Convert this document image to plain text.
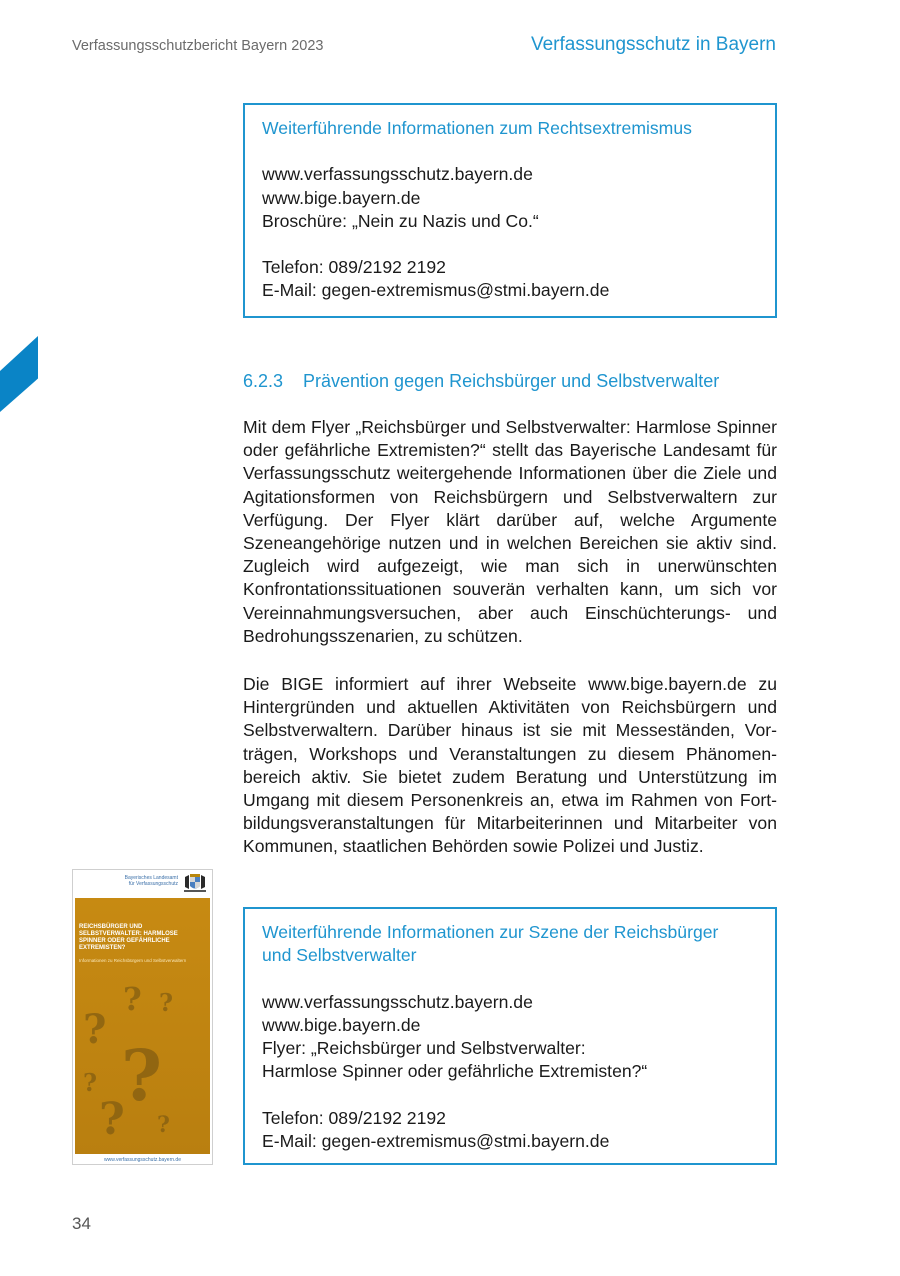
Verfassungsschutzbericht Bayern 2023	Verfassungsschutz in Bayern
Weiterführende Informationen zum Rechtsextremismus
www.verfassungsschutz.bayern.de
www.bige.bayern.de
Broschüre: „Nein zu Nazis und Co.“
Telefon: 089/2192 2192
E-Mail: gegen-extremismus@stmi.bayern.de
6.2.3 Prävention gegen Reichsbürger und Selbstverwalter

Mit dem Flyer „Reichsbürger und Selbstverwalter: Harmlose Spinner oder gefährliche Extremisten?“ stellt das Bayerische Landesamt für Verfassungsschutz weitergehende Informationen über die Ziele und Agitationsformen von Reichsbürgern und Selbstverwaltern zur Verfügung. Der Flyer klärt darüber auf, welche Argumente Szeneangehörige nutzen und in welchen Bereichen sie aktiv sind. Zugleich wird aufgezeigt, wie man sich in unerwünschten Konfrontationssituationen souverän verhalten kann, um sich vor Vereinnahmungsversuchen, aber auch Einschüchterungs- und Bedrohungsszenarien, zu schützen.

Die BIGE informiert auf ihrer Webseite www.bige.bayern.de zu Hintergründen und aktuellen Aktivitäten von Reichsbürgern und Selbstverwaltern. Darüber hinaus ist sie mit Messeständen, Vorträgen, Workshops und Veranstaltungen zu diesem Phänomenbereich aktiv. Sie bietet zudem Beratung und Unterstützung im Umgang mit diesem Personenkreis an, etwa im Rahmen von Fortbildungsveranstaltungen für Mitarbeiterinnen und Mitarbeiter von Kommunen, staatlichen Behörden sowie Polizei und Justiz.

Bayerisches Landesamt
für Verfassungsschutz
REICHSBÜRGER UND SELBSTVERWALTER: HARMLOSE SPINNER ODER GEFÄHRLICHE EXTREMISTEN?
Informationen zu Reichsbürgern und Selbstverwaltern
? ?
?
?
?
? ?
www.verfassungsschutz.bayern.de
Weiterführende Informationen zur Szene der Reichsbürger
und Selbstverwalter
www.verfassungsschutz.bayern.de
www.bige.bayern.de
Flyer: „Reichsbürger und Selbstverwalter:
Harmlose Spinner oder gefährliche Extremisten?“
Telefon: 089/2192 2192
E-Mail: gegen-extremismus@stmi.bayern.de
34
